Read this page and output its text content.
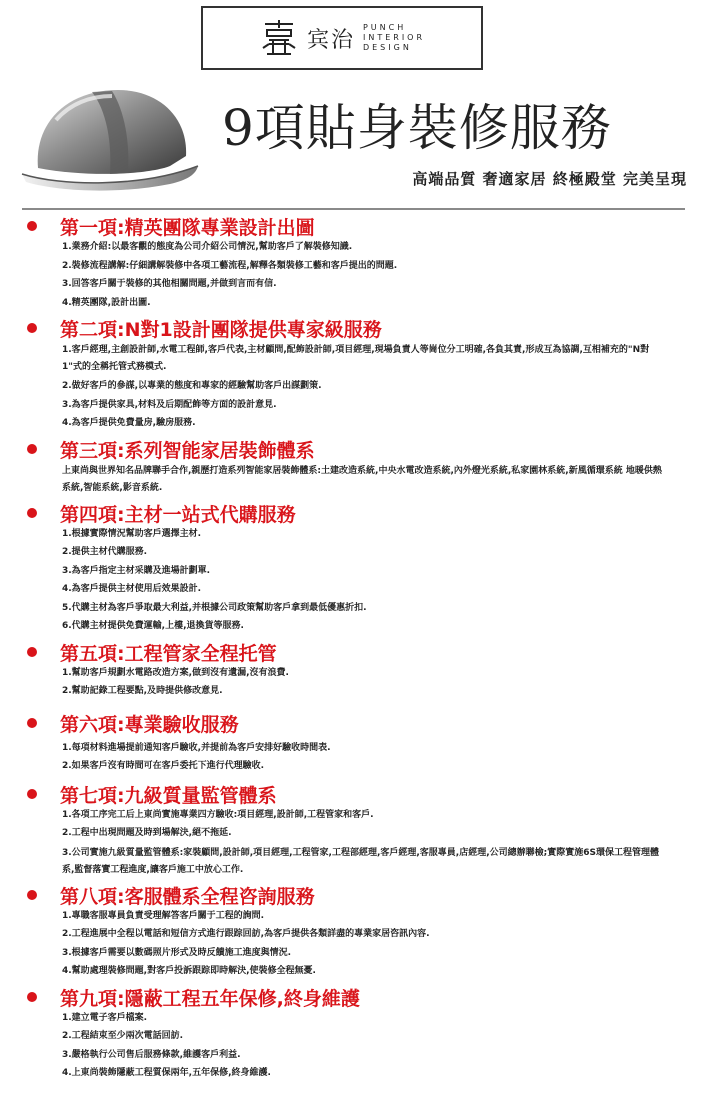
宾治 PUNCH
INTERIOR
DESIGN
9項貼身裝修服務
高端品質 奢適家居 終極殿堂 完美呈現
第一項:精英團隊專業設計出圖
1.業務介紹:以最客觀的態度為公司介紹公司情況,幫助客戶了解裝修知識.
2.裝修流程講解:仔細講解裝修中各項工藝流程,解釋各類裝修工藝和客戶提出的問題.
3.回答客戶關于裝修的其他相關問題,并做到言而有信.
4.精英團隊,設計出圖.
第二項:N對1設計團隊提供專家級服務
1.客戶經理,主創設計師,水電工程師,客戶代表,主材顧問,配飾設計師,項目經理,現場負責人等崗位分工明確,各負其責,形成互為協調,互相補充的"N對1"式的全稱托管式務模式.
2.做好客戶的參謀,以專業的態度和專家的經驗幫助客戶出謀劃策.
3.為客戶提供家具,材料及后期配飾等方面的設計意見.
4.為客戶提供免費量房,驗房服務.
第三項:系列智能家居裝飾體系
上東尚與世界知名品牌聯手合作,親歷打造系列智能家居裝飾體系:土建改造系統,中央水電改造系統,內外燈光系統,私家園林系統,新風循環系統 地暖供熱系統,智能系統,影音系統.
第四項:主材一站式代購服務
1.根據實際情況幫助客戶選擇主材.
2.提供主材代購服務.
3.為客戶指定主材采購及進場計劃單.
4.為客戶提供主材使用后效果設計.
5.代購主材為客戶爭取最大利益,并根據公司政策幫助客戶拿到最低優惠折扣.
6.代購主材提供免費運輸,上樓,退換貨等服務.
第五項:工程管家全程托管
1.幫助客戶規劃水電路改造方案,做到沒有遺漏,沒有浪費.
2.幫助記錄工程要點,及時提供修改意見.
第六項:專業驗收服務
1.每項材料進場提前通知客戶驗收,并提前為客戶安排好驗收時間表.
2.如果客戶沒有時間可在客戶委托下進行代理驗收.
第七項:九級質量監管體系
1.各項工序完工后上東尚實施專業四方驗收:項目經理,設計師,工程管家和客戶.
2.工程中出現問題及時到場解決,絕不拖延.
3.公司實施九級質量監管體系:家裝顧問,設計師,項目經理,工程管家,工程部經理,客戶經理,客服專員,店經理,公司總辦聯檢;實際實施6S環保工程管理體系,監督落實工程進度,讓客戶施工中放心工作.
第八項:客服體系全程咨詢服務
1.專職客服專員負責受理解答客戶關于工程的詢問.
2.工程進展中全程以電話和短信方式進行跟踪回訪,為客戶提供各類詳盡的專業家居咨訊內容.
3.根據客戶需要以數碼照片形式及時反饋施工進度與情況.
4.幫助處理裝修問題,對客戶投訴跟踪即時解決,使裝修全程無憂.
第九項:隱蔽工程五年保修,終身維護
1.建立電子客戶檔案.
2.工程結束至少兩次電話回訪.
3.嚴格執行公司售后服務條款,維護客戶利益.
4.上東尚裝飾隱蔽工程質保兩年,五年保修,終身維護.
